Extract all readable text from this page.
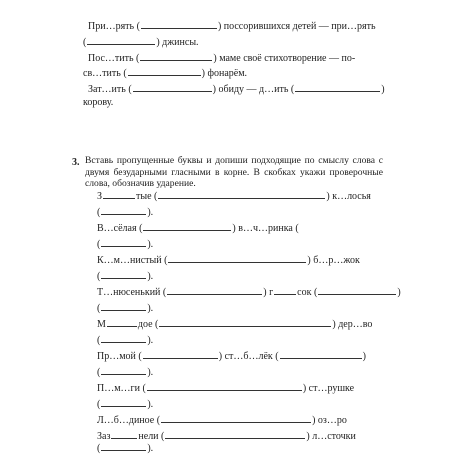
При…рять (	) поссорившихся детей — при…рять
(	) джинсы.
Пос…тить (	) маме своё стихотворение — по-
св…тить (	) фонарём.
Зат…ить (	) обиду — д…ить (	)
корову.
3. Вставь пропущенные буквы и допиши подходящие по смыслу слова с двумя безударными гласными в корне. В скобках укажи проверочные слова, обозначив ударение.
З	тые (	) к…лосья
(	).
В…сёлая (	) в…ч…ринка (
(	).
К…м…нистый (	) б…р…жок
(	).
Т…нюсенький (	) г сок (	)
(	).
М	дое (	) дер…во
(	).
Пр…мой (	) ст…б…лёк (	)
(	).
П…м…ги (	) ст…рушке
(	).
Л…б…диное (	) оз…ро
Заз	нели (	) л…сточки
(	).
